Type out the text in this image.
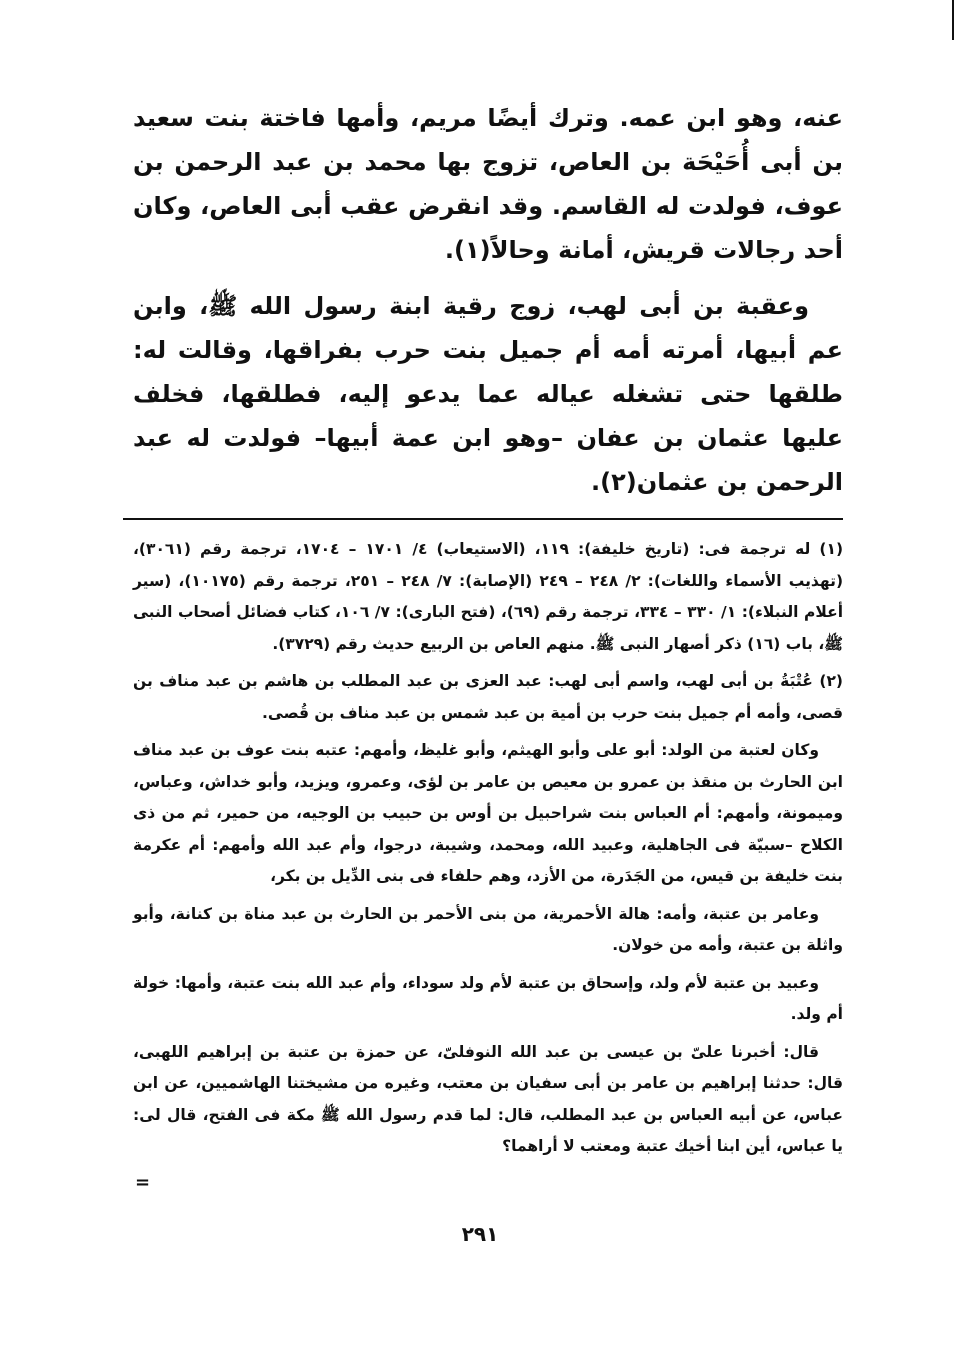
عنه، وهو ابن عمه. وترك أيضًا مريم، وأمها فاختة بنت سعيد بن أبى أُحَيْحَة بن العاص، تزوج بها محمد بن عبد الرحمن بن عوف، فولدت له القاسم. وقد انقرض عقب أبى العاص، وكان أحد رجالات قريش، أمانة وحالاً(١).

وعقبة بن أبى لهب، زوج رقية ابنة رسول الله ﷺ، وابن عم أبيها، أمرته أمه أم جميل بنت حرب بفراقها، وقالت له: طلقها حتى تشغله عياله عما يدعو إليه، فطلقها، فخلف عليها عثمان بن عفان –وهو ابن عمة أبيها– فولدت له عبد الرحمن بن عثمان(٢).

(١) له ترجمة فى: (تاريخ خليفة): ١١٩، (الاستيعاب) ٤/ ١٧٠١ – ١٧٠٤، ترجمة رقم (٣٠٦١)، (تهذيب الأسماء واللغات): ٢/ ٢٤٨ – ٢٤٩ (الإصابة): ٧/ ٢٤٨ – ٢٥١، ترجمة رقم (١٠١٧٥)، (سير أعلام النبلاء): ١/ ٣٣٠ – ٣٣٤، ترجمة رقم (٦٩)، (فتح البارى): ٧/ ١٠٦، كتاب فضائل أصحاب النبى ﷺ، باب (١٦) ذكر أصهار النبى ﷺ. منهم العاص بن الربيع حديث رقم (٣٧٢٩).

(٢) عُتْبَةُ بن أبى لهب، واسم أبى لهب: عبد العزى بن عبد المطلب بن هاشم بن عبد مناف بن قصى، وأمه أم جميل بنت حرب بن أمية بن عبد شمس بن عبد مناف بن قُصى.

وكان لعتبة من الولد: أبو على وأبو الهيثم، وأبو غليظ، وأمهم: عتبه بنت عوف بن عبد مناف ابن الحارث بن منقذ بن عمرو بن معيص بن عامر بن لؤى، وعمرو، ويزيد، وأبو خداش، وعباس، وميمونة، وأمهم: أم العباس بنت شراحبيل بن أوس بن حبيب بن الوجيه، من حمير، ثم من ذى الكلاح –سبيّة فى الجاهلية، وعبيد الله، ومحمد، وشيبة، درجوا، وأم عبد الله وأمهم: أم عكرمة بنت خليفة بن قيس، من الجَدَرة، من الأزد، وهم حلفاء فى بنى الدِّيل بن بكر،

وعامر بن عتبة، وأمه: هالة الأحمرية، من بنى الأحمر بن الحارث بن عبد مناة بن كنانة، وأبو واثلة بن عتبة، وأمه من خولان.

وعبيد بن عتبة لأم ولد، وإسحاق بن عتبة لأم ولد سوداء، وأم عبد الله بنت عتبة، وأمها: خولة أم ولد.

قال: أخبرنا علىّ بن عيسى بن عبد الله النوفلىّ، عن حمزة بن عتبة بن إبراهيم اللهبى، قال: حدثنا إبراهيم بن عامر بن أبى سفيان بن معتب، وغيره من مشيختنا الهاشميين، عن ابن عباس، عن أبيه العباس بن عبد المطلب، قال: لما قدم رسول الله ﷺ مكة فى الفتح، قال لى: يا عباس، أين ابنا أخيك عتبة ومعتب لا أراهما؟

=
٢٩١
